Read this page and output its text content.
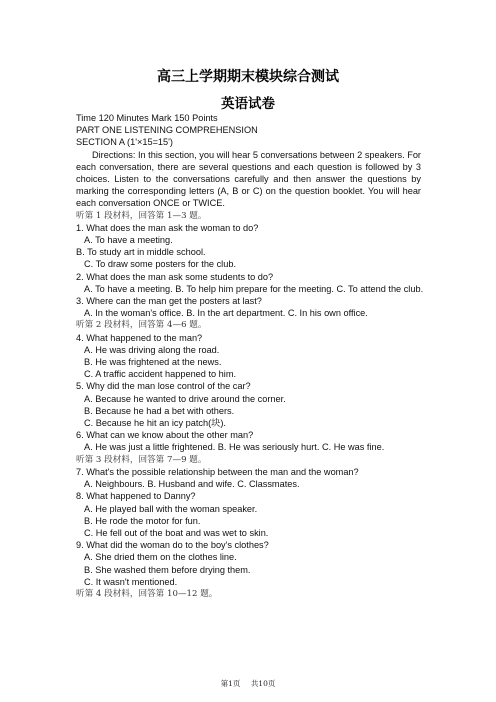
高三上学期期末模块综合测试
英语试卷
Time 120 Minutes Mark 150 Points
PART ONE LISTENING COMPREHENSION
SECTION A (1'×15=15')
Directions: In this section, you will hear 5 conversations between 2 speakers. For each conversation, there are several questions and each question is followed by 3 choices. Listen to the conversations carefully and then answer the questions by marking the corresponding letters (A, B or C) on the question booklet. You will hear each conversation ONCE or TWICE.
听第 1 段材料，回答第 1—3 题。
1. What does the man ask the woman to do?
A. To have a meeting.
B. To study art in middle school.
C. To draw some posters for the club.
2. What does the man ask some students to do?
A. To have a meeting. B. To help him prepare for the meeting. C. To attend the club.
3. Where can the man get the posters at last?
A. In the woman's office. B. In the art department. C. In his own office.
听第 2 段材料，回答第 4—6 题。
4. What happened to the man?
A. He was driving along the road.
B. He was frightened at the news.
C. A traffic accident happened to him.
5. Why did the man lose control of the car?
A. Because he wanted to drive around the corner.
B. Because he had a bet with others.
C. Because he hit an icy patch(块).
6. What can we know about the other man?
A. He was just a little frightened. B. He was seriously hurt. C. He was fine.
听第 3 段材料，回答第 7—9 题。
7. What's the possible relationship between the man and the woman?
A. Neighbours. B. Husband and wife. C. Classmates.
8. What happened to Danny?
A. He played ball with the woman speaker.
B. He rode the motor for fun.
C. He fell out of the boat and was wet to skin.
9. What did the woman do to the boy's clothes?
A. She dried them on the clothes line.
B. She washed them before drying them.
C. It wasn't mentioned.
听第 4 段材料，回答第 10—12 题。
第1页 共10页
